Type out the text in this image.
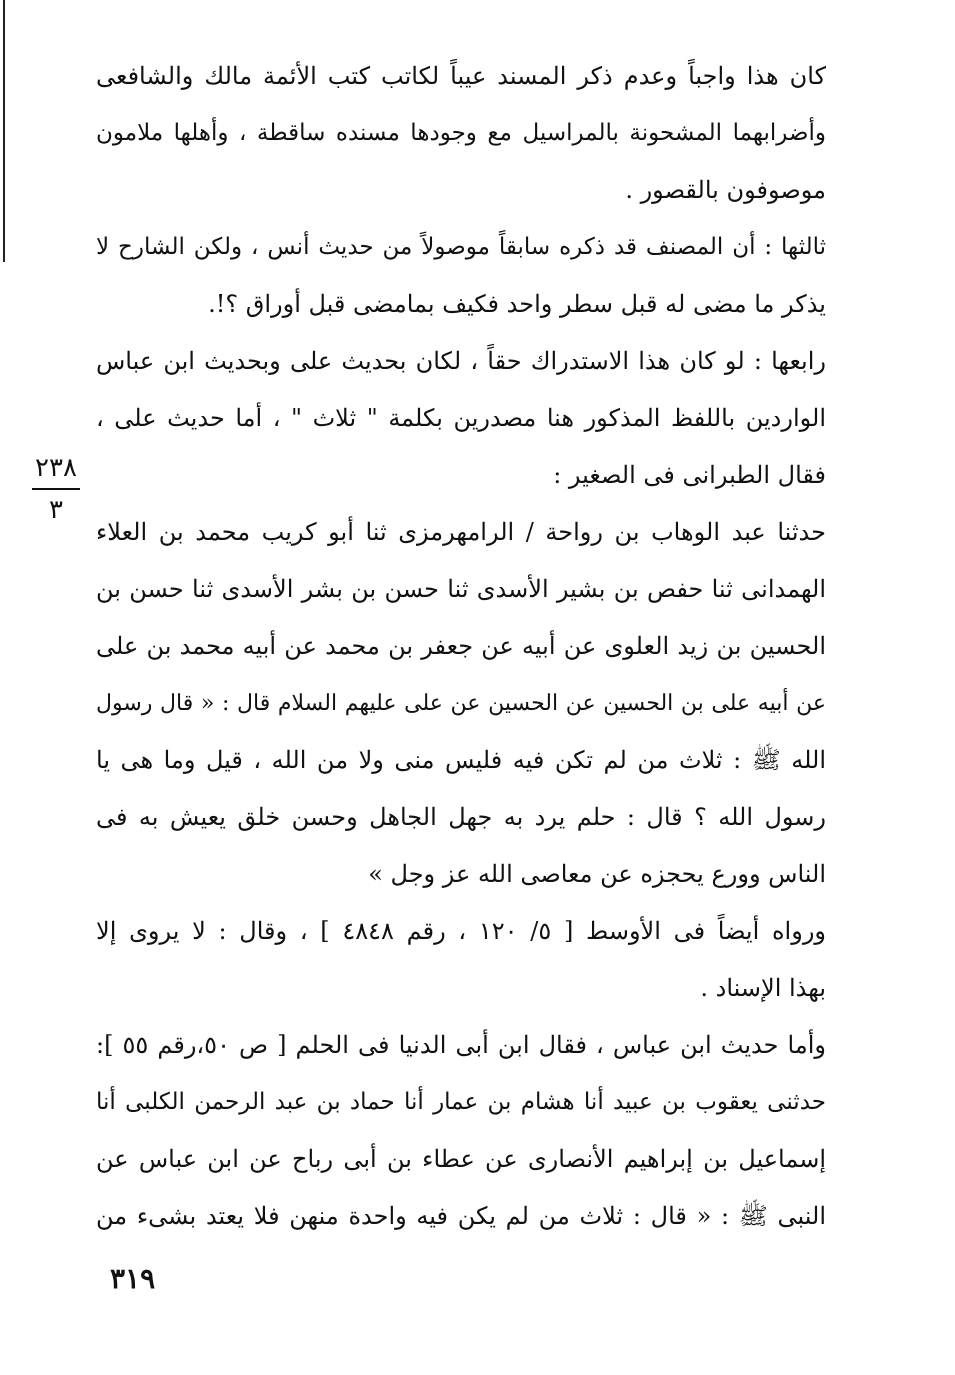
كان هذا واجباً وعدم ذكر المسند عيباً لكاتب كتب الأئمة مالك والشافعى
وأضرابهما المشحونة بالمراسيل مع وجودها مسنده ساقطة ، وأهلها ملامون
موصوفون بالقصور .
ثالثها : أن المصنف قد ذكره سابقاً موصولاً من حديث أنس ، ولكن الشارح لا
يذكر ما مضى له قبل سطر واحد فكيف بمامضى قبل أوراق ؟!.
رابعها : لو كان هذا الاستدراك حقاً ، لكان بحديث على وبحديث ابن عباس
الواردين باللفظ المذكور هنا مصدرين بكلمة " ثلاث " ، أما حديث على ،
فقال الطبرانى فى الصغير :
حدثنا عبد الوهاب بن رواحة / الرامهرمزى ثنا أبو كريب محمد بن العلاء
الهمدانى ثنا حفص بن بشير الأسدى ثنا حسن بن بشر الأسدى ثنا حسن بن
الحسين بن زيد العلوى عن أبيه عن جعفر بن محمد عن أبيه محمد بن على
عن أبيه على بن الحسين عن الحسين عن على عليهم السلام قال : « قال رسول
الله ﷺ : ثلاث من لم تكن فيه فليس منى ولا من الله ، قيل وما هى يا
رسول الله ؟ قال : حلم يرد به جهل الجاهل وحسن خلق يعيش به فى
الناس وورع يحجزه عن معاصى الله عز وجل »
ورواه أيضاً فى الأوسط [ ٥/ ١٢٠ ، رقم ٤٨٤٨ ] ، وقال : لا يروى إلا
بهذا الإسناد .
وأما حديث ابن عباس ، فقال ابن أبى الدنيا فى الحلم [ ص ٥٠،رقم ٥٥ ]:
حدثنى يعقوب بن عبيد أنا هشام بن عمار أنا حماد بن عبد الرحمن الكلبى أنا
إسماعيل بن إبراهيم الأنصارى عن عطاء بن أبى رباح عن ابن عباس عن
النبى ﷺ : « قال : ثلاث من لم يكن فيه واحدة منهن فلا يعتد بشىء من
٢٣٨
٣
٣١٩
